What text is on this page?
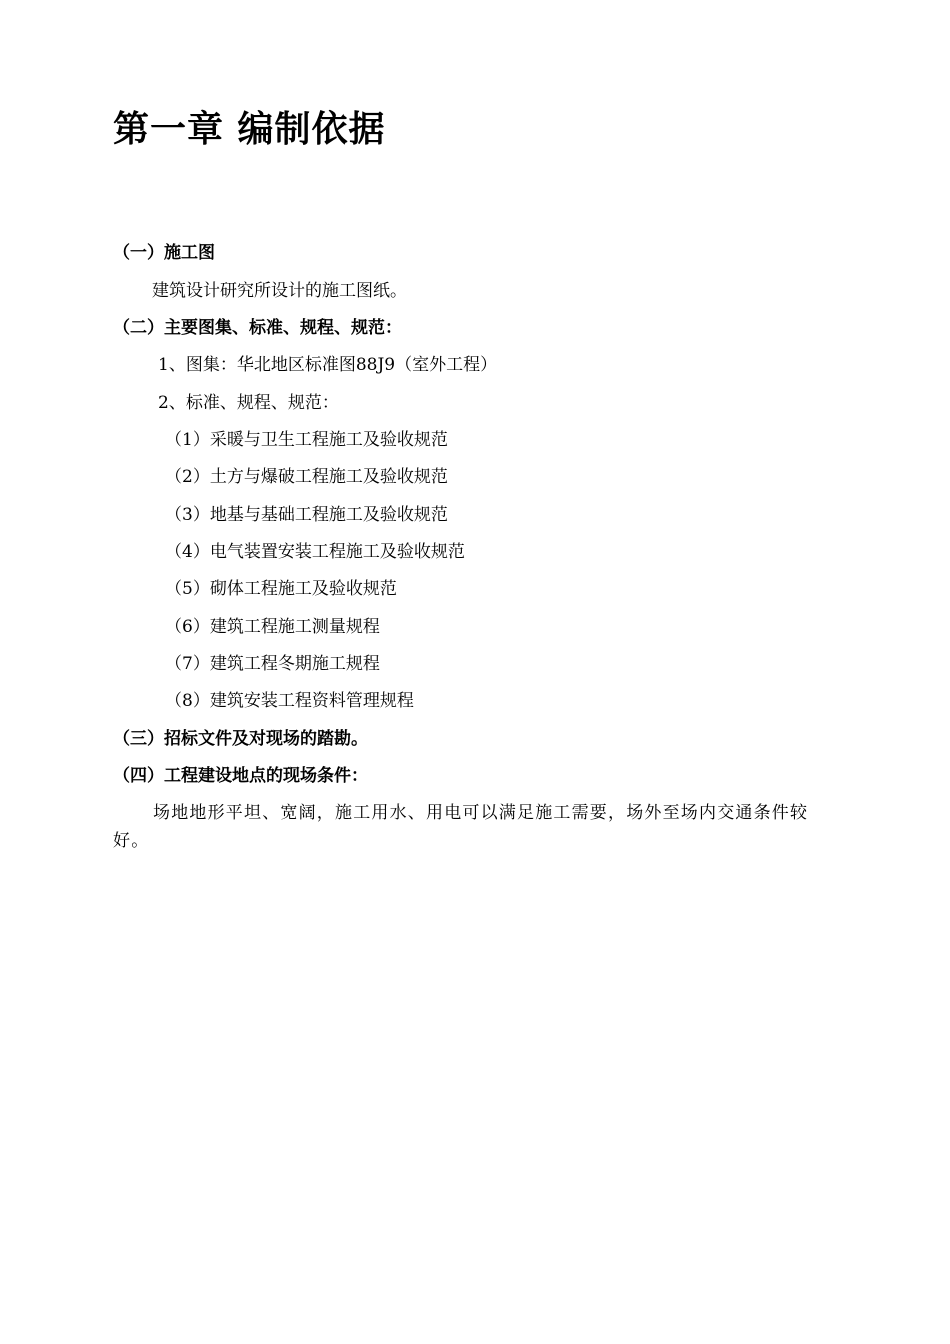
第一章 编制依据
（一）施工图
建筑设计研究所设计的施工图纸。
（二）主要图集、标准、规程、规范：
1、图集：华北地区标准图88J9（室外工程）
2、标准、规程、规范：
（1）采暖与卫生工程施工及验收规范
（2）土方与爆破工程施工及验收规范
（3）地基与基础工程施工及验收规范
（4）电气装置安装工程施工及验收规范
（5）砌体工程施工及验收规范
（6）建筑工程施工测量规程
（7）建筑工程冬期施工规程
（8）建筑安装工程资料管理规程
（三）招标文件及对现场的踏勘。
（四）工程建设地点的现场条件：

场地地形平坦、宽阔，施工用水、用电可以满足施工需要，场外至场内交通条件较好。
